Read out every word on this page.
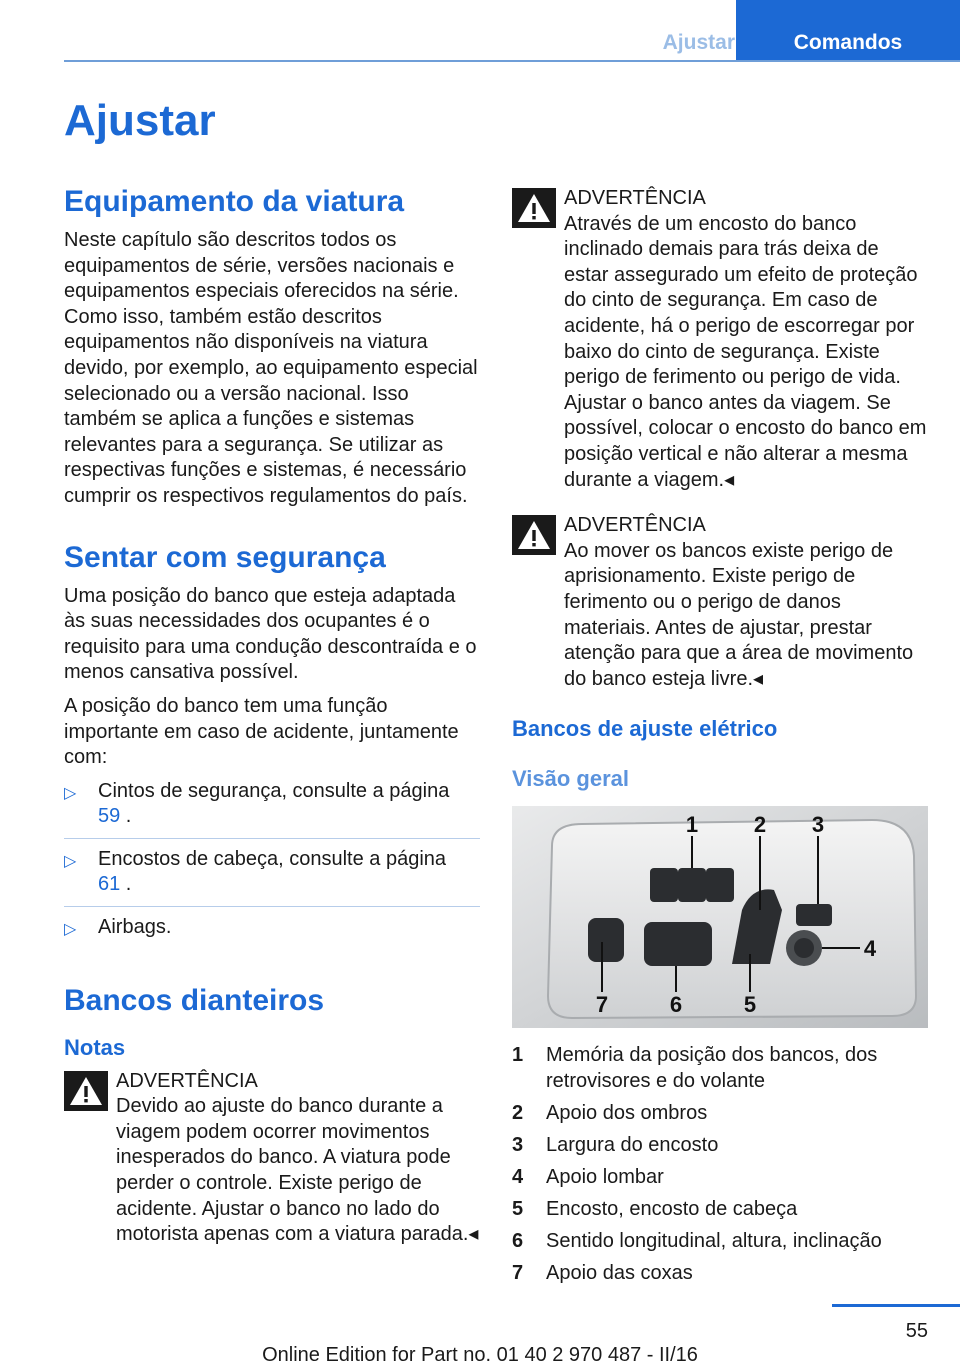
Ajustar	Comandos
Ajustar
Equipamento da viatura

Neste capítulo são descritos todos os equipamentos de série, versões nacionais e equipamentos especiais oferecidos na série. Como isso, também estão descritos equipamentos não disponíveis na viatura devido, por exemplo, ao equipamento especial selecionado ou a versão nacional. Isso também se aplica a funções e sistemas relevantes para a segurança. Se utilizar as respectivas funções e sistemas, é necessário cumprir os respectivos regulamentos do país.

Sentar com segurança

Uma posição do banco que esteja adaptada às suas necessidades dos ocupantes é o requisito para uma condução descontraída e o menos cansativa possível.

A posição do banco tem uma função importante em caso de acidente, juntamente com:

▷ Cintos de segurança, consulte a página
59 .
▷ Encostos de cabeça, consulte a página
61 .
▷ Airbags.
Bancos dianteiros
Notas
ADVERTÊNCIA
Devido ao ajuste do banco durante a viagem podem ocorrer movimentos inesperados do banco. A viatura pode perder o controle. Existe perigo de acidente. Ajustar o banco no lado do motorista apenas com a viatura parada.◂
ADVERTÊNCIA
Através de um encosto do banco inclinado demais para trás deixa de estar assegurado um efeito de proteção do cinto de segurança. Em caso de acidente, há o perigo de escorregar por baixo do cinto de segurança. Existe perigo de ferimento ou perigo de vida. Ajustar o banco antes da viagem. Se possível, colocar o encosto do banco em posição vertical e não alterar a mesma durante a viagem.◂
ADVERTÊNCIA
Ao mover os bancos existe perigo de aprisionamento. Existe perigo de ferimento ou o perigo de danos materiais. Antes de ajustar, prestar atenção para que a área de movimento do banco esteja livre.◂
Bancos de ajuste elétrico
Visão geral
1	2 3
4
5
6
7
1	Memória da posição dos bancos, dos retrovisores e do volante
2	Apoio dos ombros
3	Largura do encosto
4	Apoio lombar
5	Encosto, encosto de cabeça
6	Sentido longitudinal, altura, inclinação
7	Apoio das coxas
55
Online Edition for Part no. 01 40 2 970 487 - II/16
